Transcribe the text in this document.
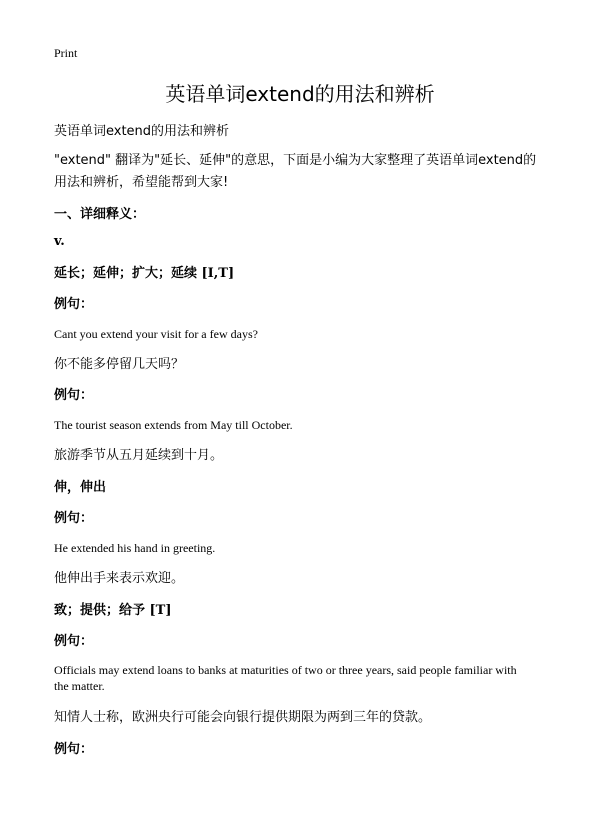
Print
英语单词extend的用法和辨析
英语单词extend的用法和辨析
"extend" 翻译为"延长、延伸"的意思，下面是小编为大家整理了英语单词extend的用法和辨析，希望能帮到大家!
一、详细释义：
v.
延长；延伸；扩大；延续 [I,T]
例句：
Cant you extend your visit for a few days?
你不能多停留几天吗？
例句：
The tourist season extends from May till October.
旅游季节从五月延续到十月。
伸，伸出
例句：
He extended his hand in greeting.
他伸出手来表示欢迎。
致；提供；给予 [T]
例句：
Officials may extend loans to banks at maturities of two or three years, said people familiar with the matter.
知情人士称，欧洲央行可能会向银行提供期限为两到三年的贷款。
例句：
